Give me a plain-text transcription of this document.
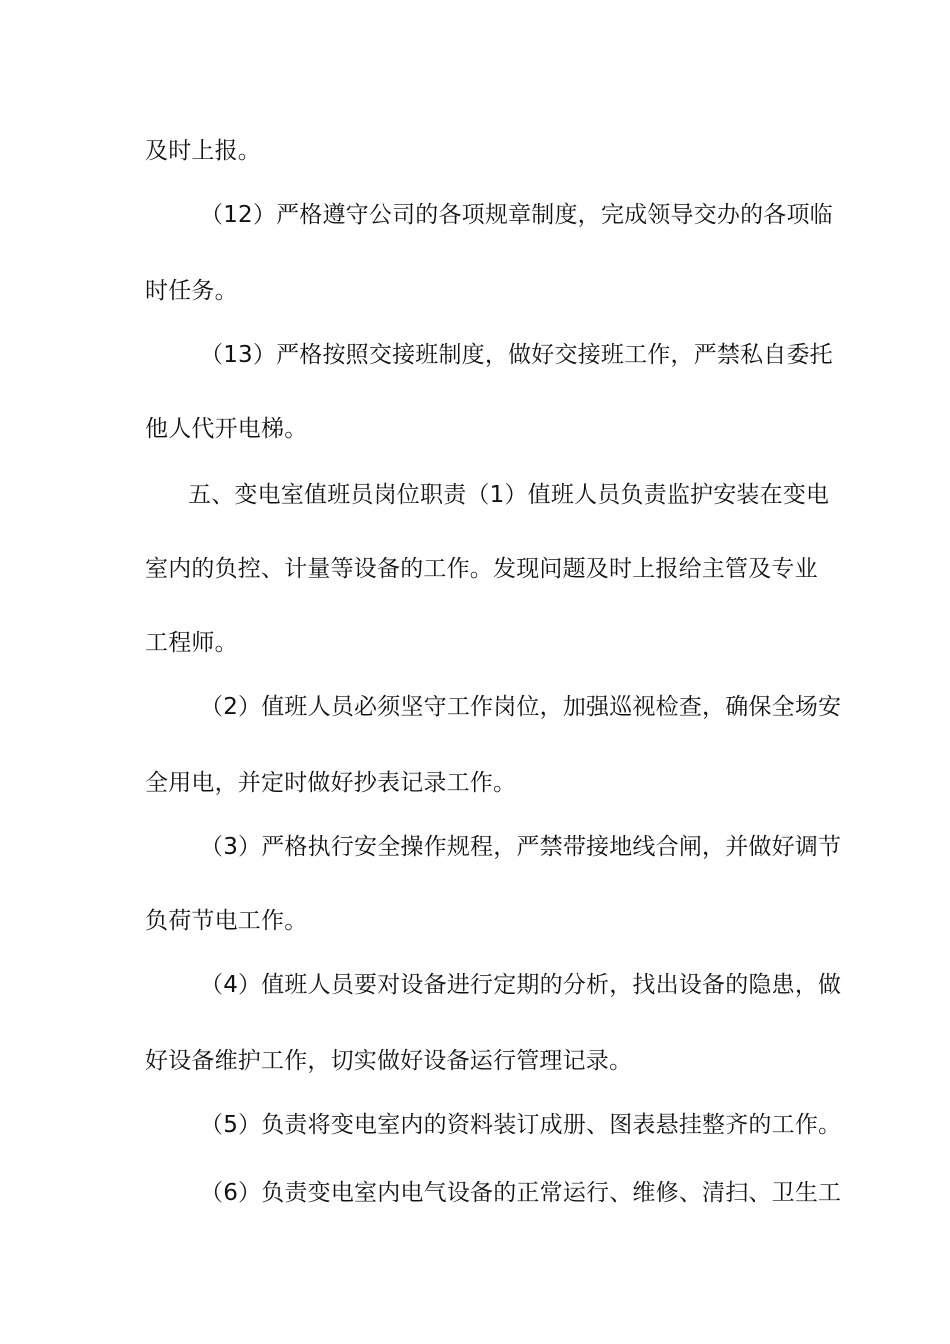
及时上报。
（12）严格遵守公司的各项规章制度，完成领导交办的各项临
时任务。
（13）严格按照交接班制度，做好交接班工作，严禁私自委托
他人代开电梯。
五、变电室值班员岗位职责（1）值班人员负责监护安装在变电
室内的负控、计量等设备的工作。发现问题及时上报给主管及专业
工程师。
（2）值班人员必须坚守工作岗位，加强巡视检查，确保全场安
全用电，并定时做好抄表记录工作。
（3）严格执行安全操作规程，严禁带接地线合闸，并做好调节
负荷节电工作。
（4）值班人员要对设备进行定期的分析，找出设备的隐患，做
好设备维护工作，切实做好设备运行管理记录。
（5）负责将变电室内的资料装订成册、图表悬挂整齐的工作。
（6）负责变电室内电气设备的正常运行、维修、清扫、卫生工
